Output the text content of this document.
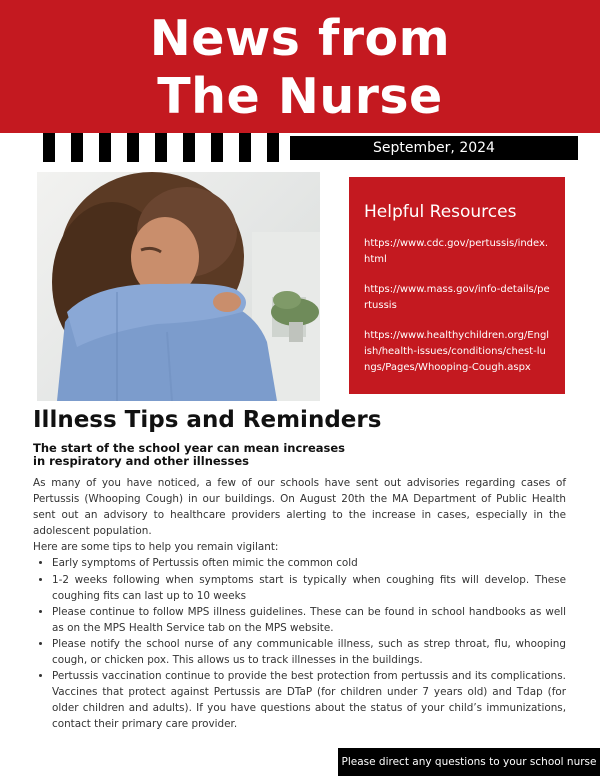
News from
The Nurse
September, 2024
Helpful Resources
https://www.cdc.gov/pertussis/index.html
https://www.mass.gov/info-details/pertussis
https://www.healthychildren.org/English/health-issues/conditions/chest-lungs/Pages/Whooping-Cough.aspx
Illness Tips and Reminders
The start of the school year can mean increases
in respiratory and other illnesses

As many of you have noticed, a few of our schools have sent out advisories regarding cases of Pertussis (Whooping Cough) in our buildings. On August 20th the MA Department of Public Health sent out an advisory to healthcare providers alerting to the increase in cases, especially in the adolescent population.

Here are some tips to help you remain vigilant:
• Early symptoms of Pertussis often mimic the common cold
• 1-2 weeks following when symptoms start is typically when coughing fits will develop. These coughing fits can last up to 10 weeks
• Please continue to follow MPS illness guidelines. These can be found in school handbooks as well as on the MPS Health Service tab on the MPS website.
• Please notify the school nurse of any communicable illness, such as strep throat, flu, whooping cough, or chicken pox. This allows us to track illnesses in the buildings.
• Pertussis vaccination continue to provide the best protection from pertussis and its complications. Vaccines that protect against Pertussis are DTaP (for children under 7 years old) and Tdap (for older children and adults). If you have questions about the status of your child’s immunizations, contact their primary care provider.
Please direct any questions to your school nurse
